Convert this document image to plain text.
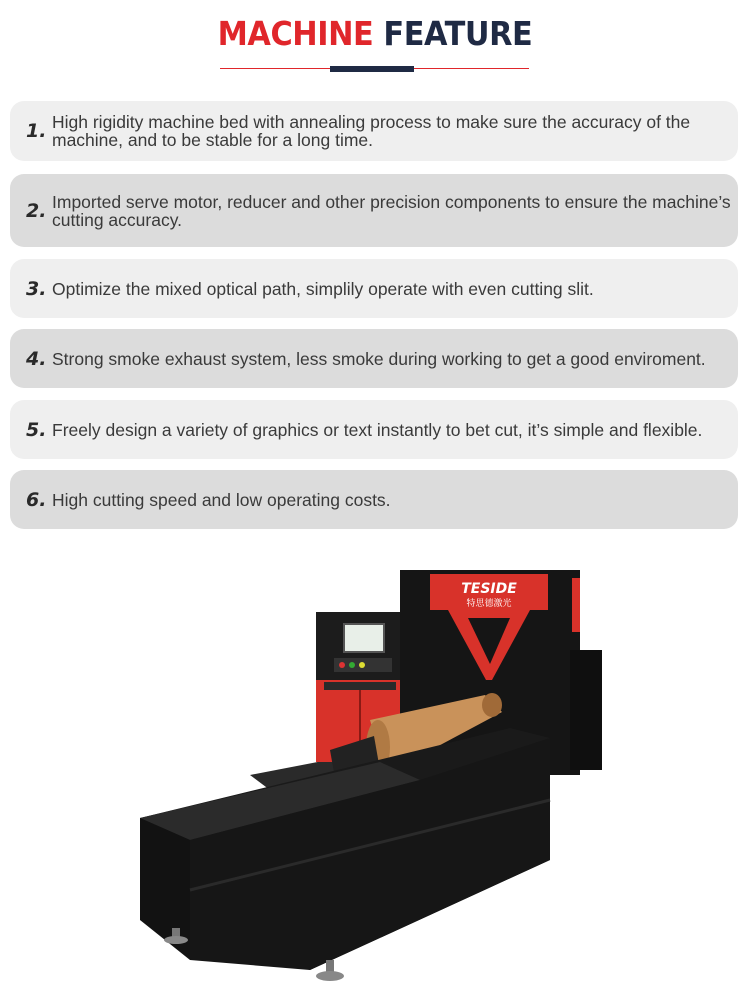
MACHINE FEATURE
1. High rigidity machine bed with annealing process to make sure the accuracy of the machine, and to be stable for a long time.
2. Imported serve motor, reducer and other precision components to ensure the machine’s cutting accuracy.
3. Optimize the mixed optical path, simplily operate with even cutting slit.
4. Strong smoke exhaust system, less smoke during working to get a good enviroment.
5. Freely design a variety of graphics or text instantly to bet cut, it’s simple and flexible.
6. High cutting speed and low operating costs.
TESIDE
特思德激光
